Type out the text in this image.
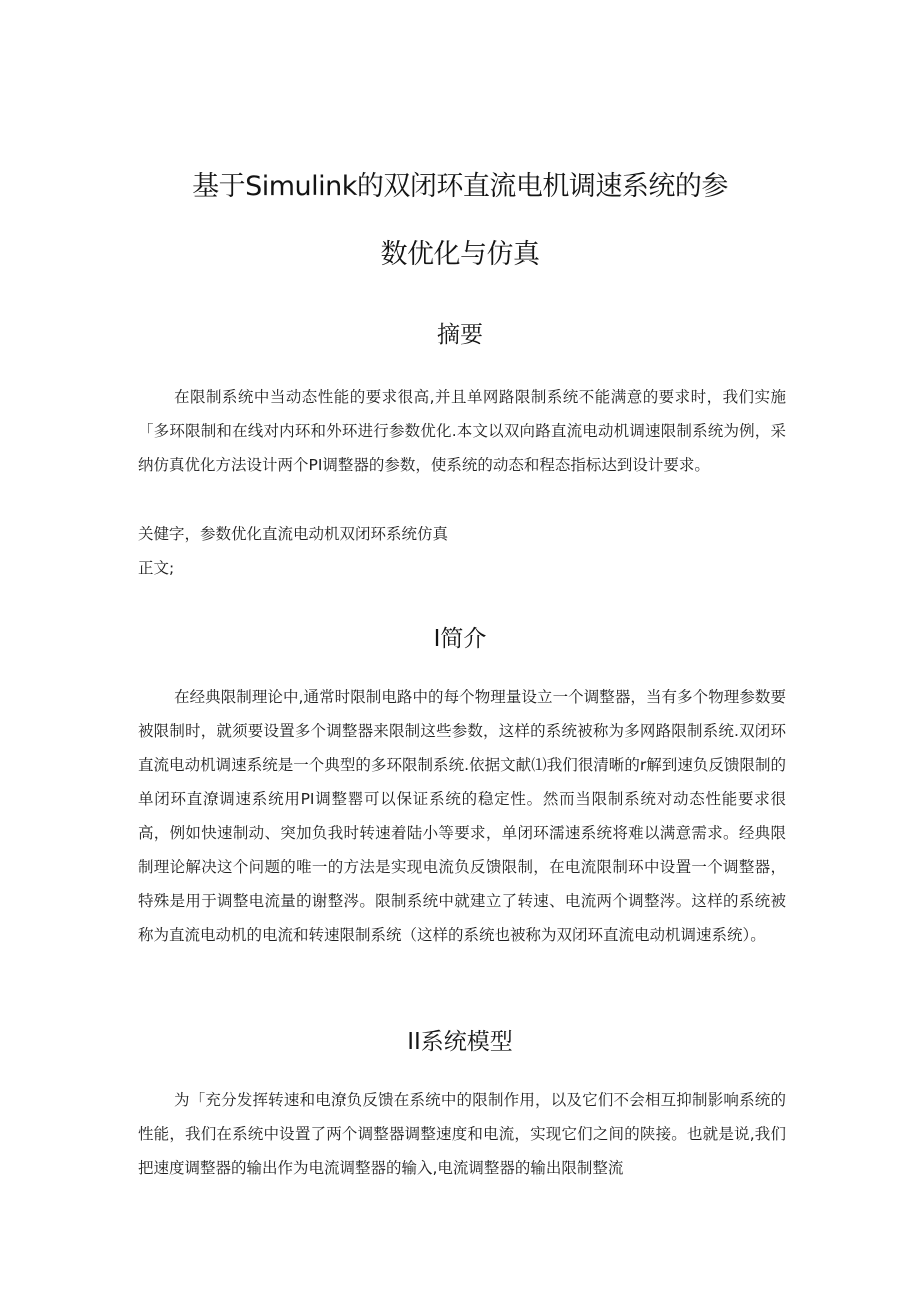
基于Simulink的双闭环直流电机调速系统的参
数优化与仿真
摘要
在限制系统中当动态性能的要求很高,并且单网路限制系统不能满意的要求时，我们实施「多环限制和在线对内环和外环进行参数优化.本文以双向路直流电动机调速限制系统为例，采纳仿真优化方法设计两个PI调整器的参数，使系统的动态和程态指标达到设计要求。
关健字，参数优化直流电动机双闭环系统仿真
正文;
I简介
在经典限制理论中,通常时限制电路中的每个物理量设立一个调整器，当有多个物理参数要被限制时，就须要设置多个调整器来限制这些参数，这样的系统被称为多网路限制系统.双闭环直流电动机调速系统是一个典型的多环限制系统.依据文献⑴我们很清晰的r解到速负反馈限制的单闭环直潦调速系统用PI调整罂可以保证系统的稳定性。然而当限制系统对动态性能要求很高，例如快速制动、突加负我时转速着陆小等要求，单闭环濡速系统将难以满意需求。经典限制理论解决这个问题的唯一的方法是实现电流负反馈限制，在电流限制环中设置一个调整器，特殊是用于调整电流量的谢整涔。限制系统中就建立了转速、电流两个调整涔。这样的系统被称为直流电动机的电流和转速限制系统（这样的系统也被称为双闭环直流电动机调速系统）。
II系统模型
为「充分发挥转速和电潦负反馈在系统中的限制作用，以及它们不会相互抑制影响系统的性能，我们在系统中设置了两个调整器调整速度和电流，实现它们之间的陕接。也就是说,我们把速度调整器的输出作为电流调整器的输入,电流调整器的输出限制整流
